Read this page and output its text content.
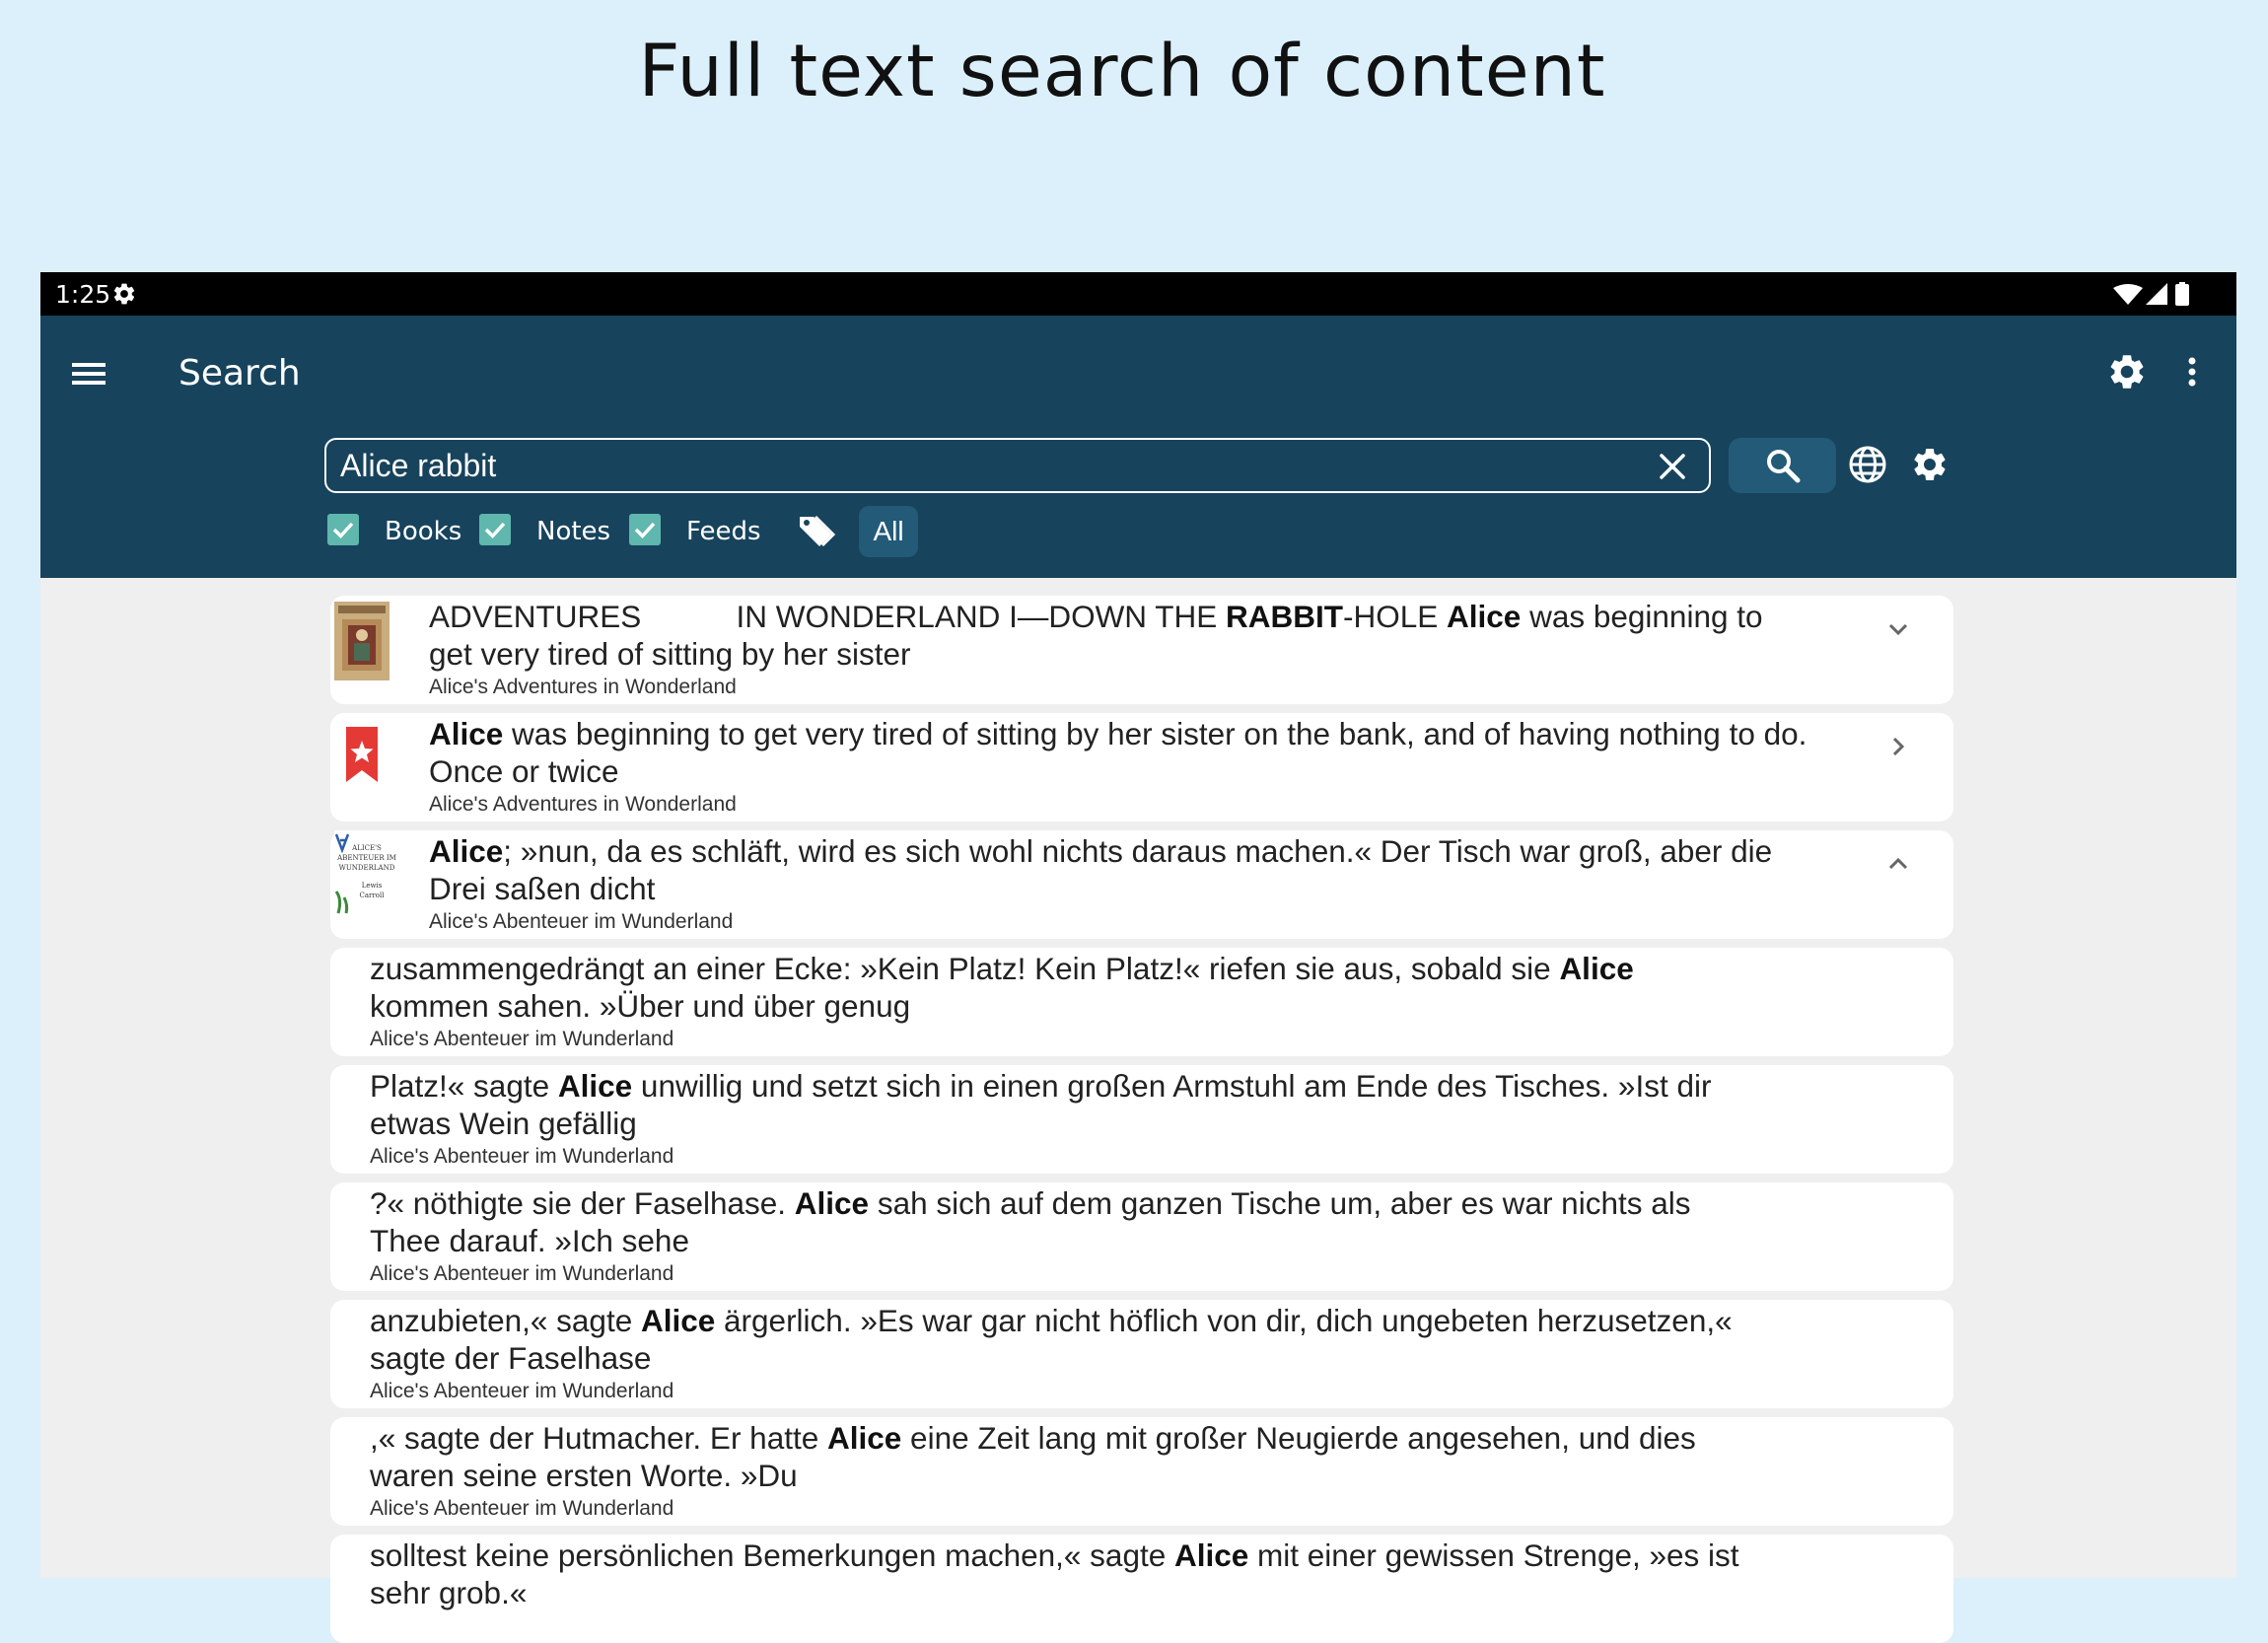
Full text search of content
1:25
Search
Alice rabbit
Books	Notes	Feeds	All
ADVENTURES           IN WONDERLAND I—DOWN THE RABBIT-HOLE Alice was beginning to get very tired of sitting by her sister
Alice's Adventures in Wonderland
Alice was beginning to get very tired of sitting by her sister on the bank, and of having nothing to do. Once or twice
Alice's Adventures in Wonderland
ALICE'S
ABENTEUER IM
WUNDERLAND
Lewis
Carroll
Alice; »nun, da es schläft, wird es sich wohl nichts daraus machen.« Der Tisch war groß, aber die Drei saßen dicht
Alice's Abenteuer im Wunderland
zusammengedrängt an einer Ecke: »Kein Platz! Kein Platz!« riefen sie aus, sobald sie Alice kommen sahen. »Über und über genug
Alice's Abenteuer im Wunderland
Platz!« sagte Alice unwillig und setzt sich in einen großen Armstuhl am Ende des Tisches. »Ist dir etwas Wein gefällig
Alice's Abenteuer im Wunderland
?« nöthigte sie der Faselhase. Alice sah sich auf dem ganzen Tische um, aber es war nichts als Thee darauf. »Ich sehe
Alice's Abenteuer im Wunderland
anzubieten,« sagte Alice ärgerlich. »Es war gar nicht höflich von dir, dich ungebeten herzusetzen,« sagte der Faselhase
Alice's Abenteuer im Wunderland
,« sagte der Hutmacher. Er hatte Alice eine Zeit lang mit großer Neugierde angesehen, und dies waren seine ersten Worte. »Du
Alice's Abenteuer im Wunderland
solltest keine persönlichen Bemerkungen machen,« sagte Alice mit einer gewissen Strenge, »es ist sehr grob.«
